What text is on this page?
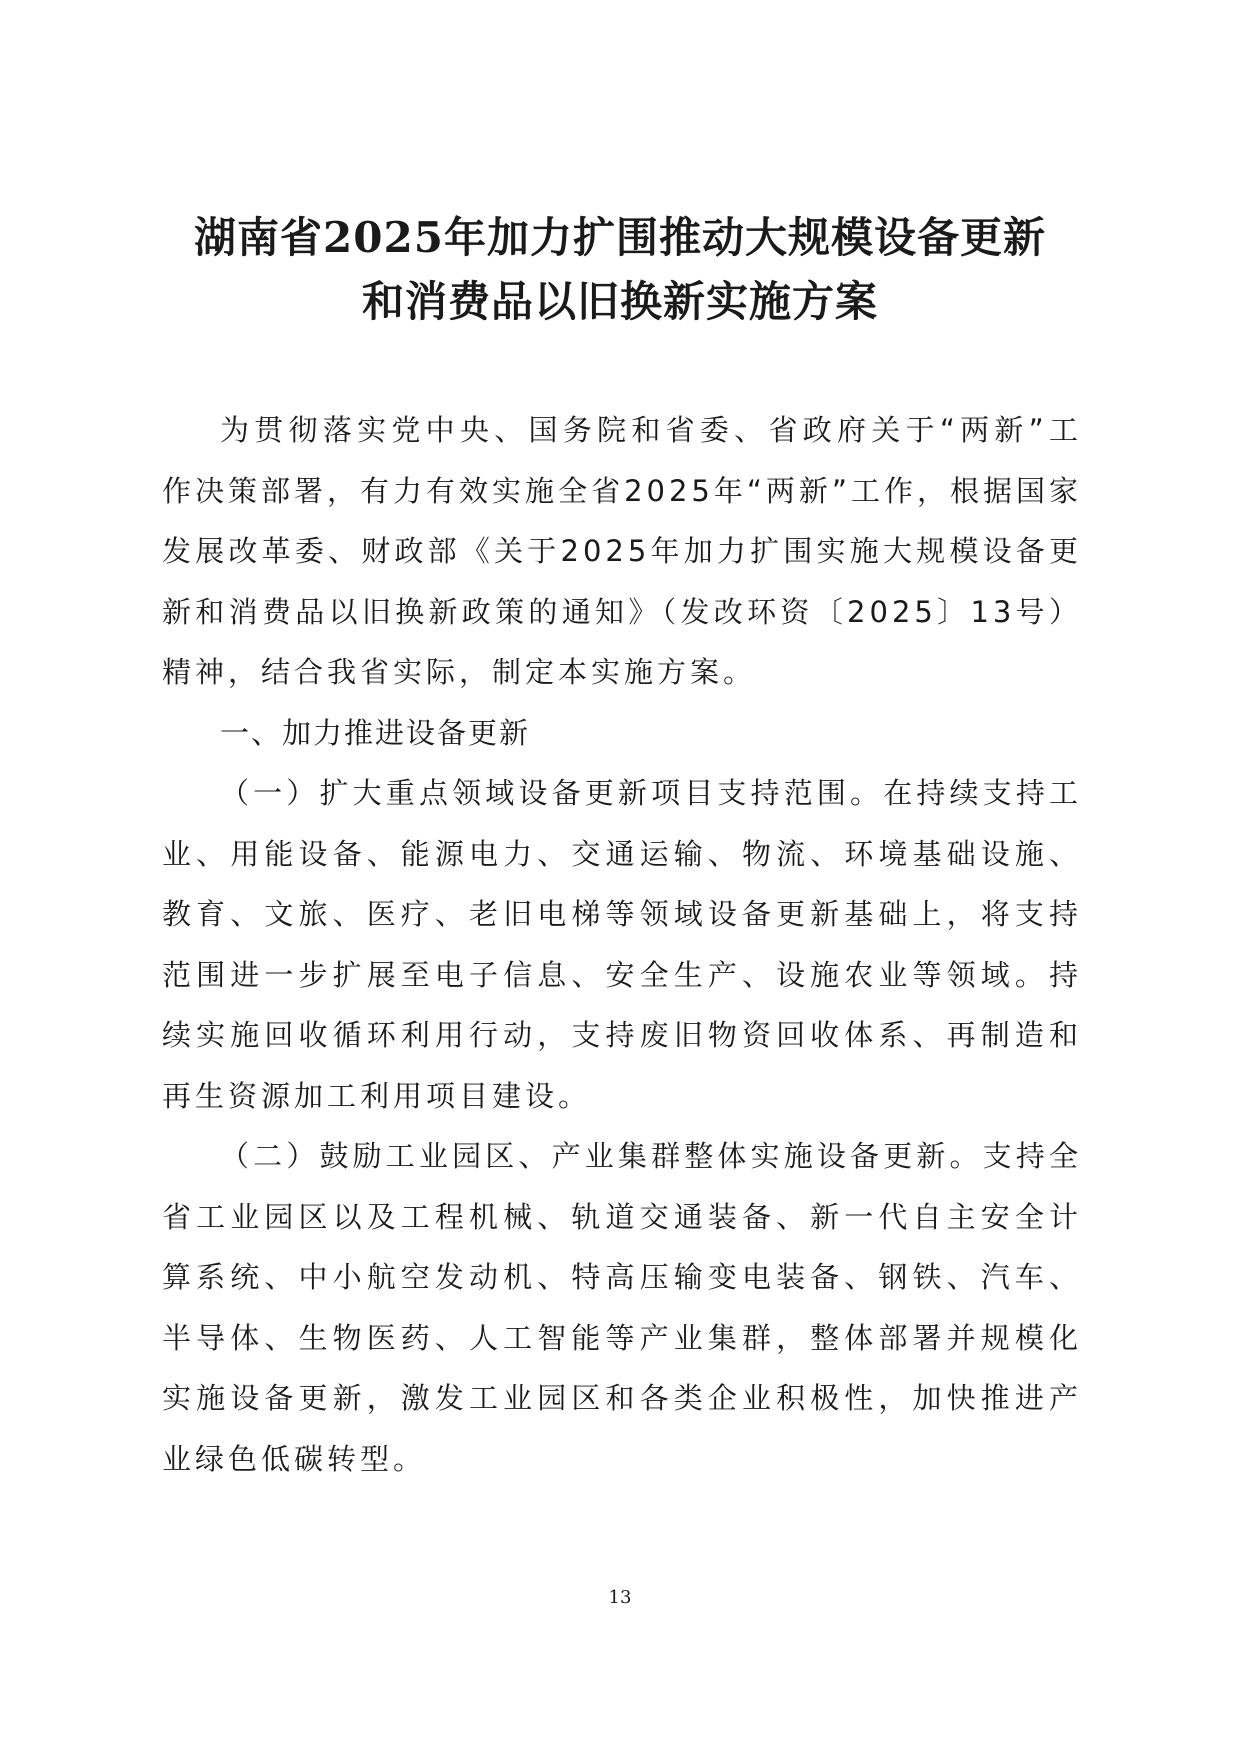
湖南省2025年加力扩围推动大规模设备更新
和消费品以旧换新实施方案

为贯彻落实党中央、国务院和省委、省政府关于“两新”工作决策部署，有力有效实施全省2025年“两新”工作，根据国家发展改革委、财政部《关于2025年加力扩围实施大规模设备更新和消费品以旧换新政策的通知》（发改环资〔2025〕13号）精神，结合我省实际，制定本实施方案。

一、加力推进设备更新

（一）扩大重点领域设备更新项目支持范围。在持续支持工业、用能设备、能源电力、交通运输、物流、环境基础设施、教育、文旅、医疗、老旧电梯等领域设备更新基础上，将支持范围进一步扩展至电子信息、安全生产、设施农业等领域。持续实施回收循环利用行动，支持废旧物资回收体系、再制造和再生资源加工利用项目建设。

（二）鼓励工业园区、产业集群整体实施设备更新。支持全省工业园区以及工程机械、轨道交通装备、新一代自主安全计算系统、中小航空发动机、特高压输变电装备、钢铁、汽车、半导体、生物医药、人工智能等产业集群，整体部署并规模化实施设备更新，激发工业园区和各类企业积极性，加快推进产业绿色低碳转型。

13
